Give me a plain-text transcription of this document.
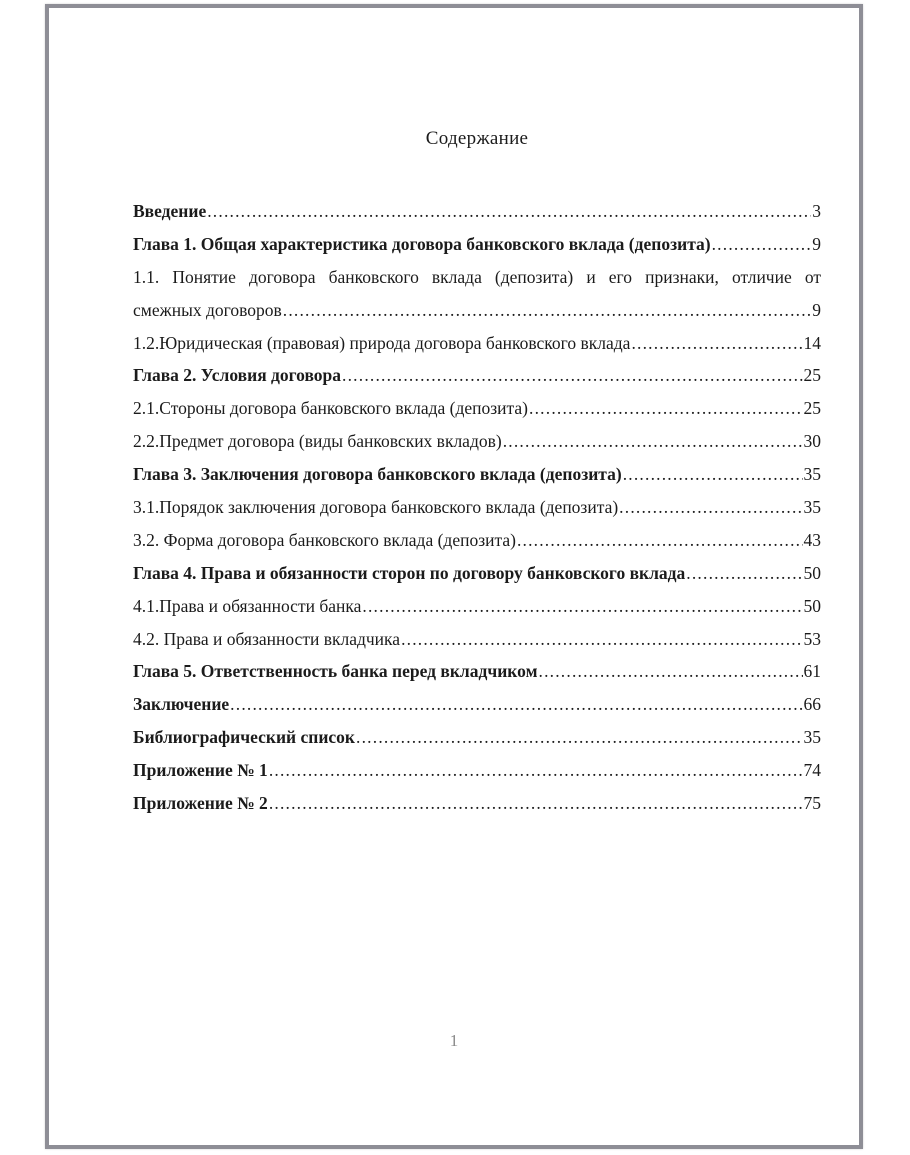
Содержание
Введение .....	3
Глава 1. Общая характеристика договора банковского вклада (депозита) .....	9
1.1. Понятие договора банковского вклада (депозита) и его признаки, отличие от
смежных договоров .....	9
1.2.Юридическая (правовая) природа договора банковского вклада .....	14
Глава 2. Условия договора .....	25
2.1.Стороны договора банковского вклада (депозита) .....	25
2.2.Предмет договора (виды банковских вкладов) .....	30
Глава 3. Заключения договора банковского вклада (депозита) .....	35
3.1.Порядок заключения договора банковского вклада (депозита) .....	35
3.2. Форма договора банковского вклада (депозита) .....	43
Глава 4. Права и обязанности сторон по договору банковского вклада .....	50
4.1.Права и обязанности банка .....	50
4.2. Права и обязанности вкладчика .....	53
Глава 5. Ответственность банка перед вкладчиком .....	61
Заключение .....	66
Библиографический список .....	35
Приложение № 1 .....	74
Приложение № 2 .....	75
1
